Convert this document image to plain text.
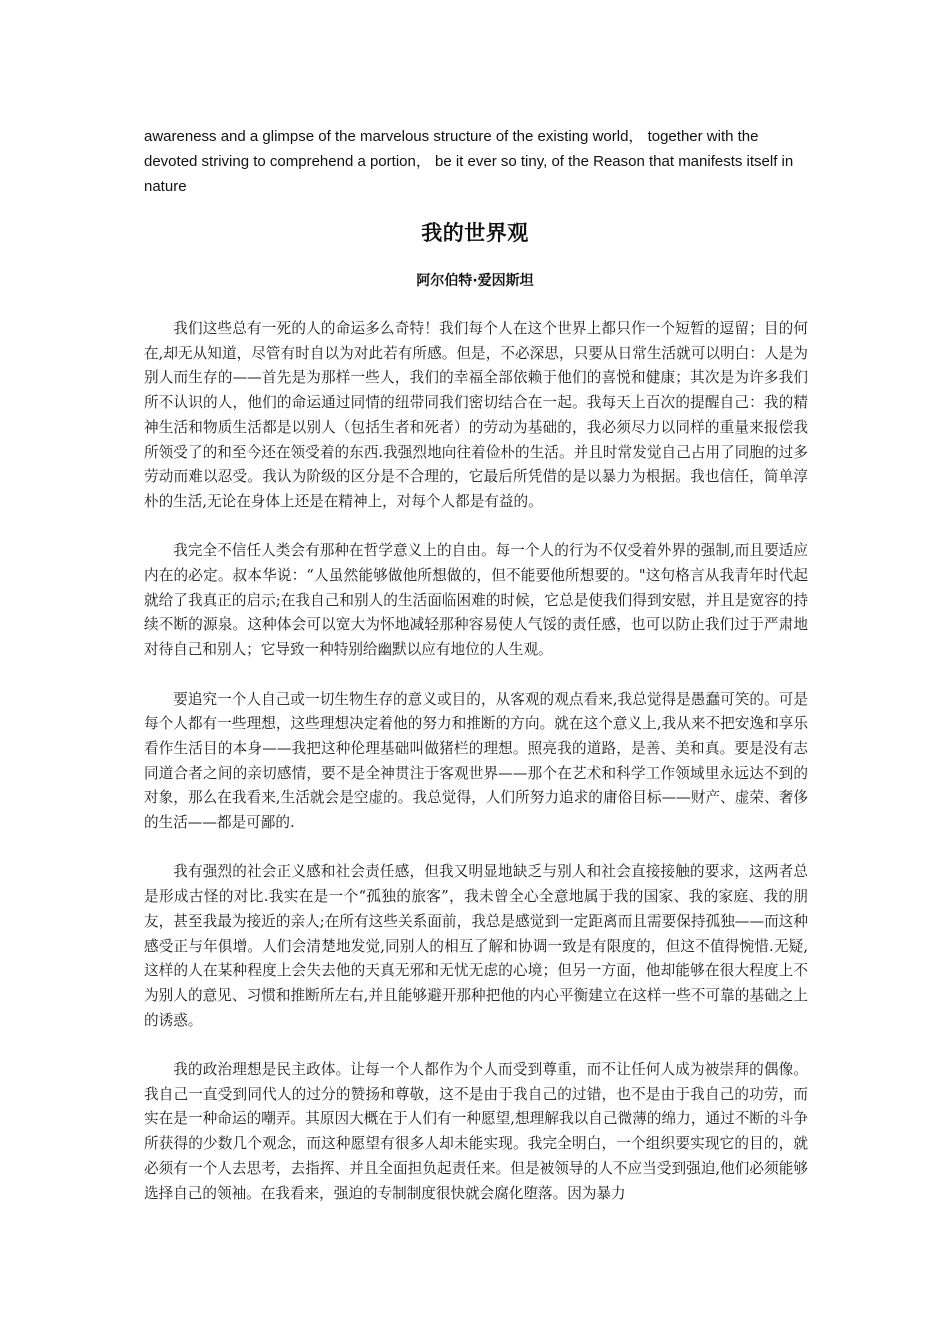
awareness and a glimpse of the marvelous structure of the existing world， together with the devoted striving to comprehend a portion， be it ever so tiny, of the Reason that manifests itself in nature

我的世界观
阿尔伯特·爱因斯坦

我们这些总有一死的人的命运多么奇特！我们每个人在这个世界上都只作一个短暂的逗留；目的何在,却无从知道，尽管有时自以为对此若有所感。但是，不必深思，只要从日常生活就可以明白：人是为别人而生存的——首先是为那样一些人，我们的幸福全部依赖于他们的喜悦和健康；其次是为许多我们所不认识的人，他们的命运通过同情的纽带同我们密切结合在一起。我每天上百次的提醒自己：我的精神生活和物质生活都是以别人（包括生者和死者）的劳动为基础的，我必须尽力以同样的重量来报偿我所领受了的和至今还在领受着的东西.我强烈地向往着俭朴的生活。并且时常发觉自己占用了同胞的过多劳动而难以忍受。我认为阶级的区分是不合理的，它最后所凭借的是以暴力为根据。我也信任，简单淳朴的生活,无论在身体上还是在精神上，对每个人都是有益的。

我完全不信任人类会有那种在哲学意义上的自由。每一个人的行为不仅受着外界的强制,而且要适应内在的必定。叔本华说：“人虽然能够做他所想做的，但不能要他所想要的。"这句格言从我青年时代起就给了我真正的启示;在我自己和别人的生活面临困难的时候，它总是使我们得到安慰，并且是宽容的持续不断的源泉。这种体会可以宽大为怀地减轻那种容易使人气馁的责任感，也可以防止我们过于严肃地对待自己和别人；它导致一种特别给幽默以应有地位的人生观。

要追究一个人自己或一切生物生存的意义或目的，从客观的观点看来,我总觉得是愚蠢可笑的。可是每个人都有一些理想，这些理想决定着他的努力和推断的方向。就在这个意义上,我从来不把安逸和享乐看作生活目的本身——我把这种伦理基础叫做猪栏的理想。照亮我的道路，是善、美和真。要是没有志同道合者之间的亲切感情，要不是全神贯注于客观世界——那个在艺术和科学工作领域里永远达不到的对象，那么在我看来,生活就会是空虚的。我总觉得，人们所努力追求的庸俗目标——财产、虚荣、奢侈的生活——都是可鄙的.

我有强烈的社会正义感和社会责任感，但我又明显地缺乏与别人和社会直接接触的要求，这两者总是形成古怪的对比.我实在是一个“孤独的旅客”，我未曾全心全意地属于我的国家、我的家庭、我的朋友，甚至我最为接近的亲人;在所有这些关系面前，我总是感觉到一定距离而且需要保持孤独——而这种感受正与年俱增。人们会清楚地发觉,同别人的相互了解和协调一致是有限度的，但这不值得惋惜.无疑,这样的人在某种程度上会失去他的天真无邪和无忧无虑的心境；但另一方面，他却能够在很大程度上不为别人的意见、习惯和推断所左右,并且能够避开那种把他的内心平衡建立在这样一些不可靠的基础之上的诱惑。

我的政治理想是民主政体。让每一个人都作为个人而受到尊重，而不让任何人成为被崇拜的偶像。我自己一直受到同代人的过分的赞扬和尊敬，这不是由于我自己的过错，也不是由于我自己的功劳，而实在是一种命运的嘲弄。其原因大概在于人们有一种愿望,想理解我以自己微薄的绵力，通过不断的斗争所获得的少数几个观念，而这种愿望有很多人却未能实现。我完全明白，一个组织要实现它的目的，就必须有一个人去思考，去指挥、并且全面担负起责任来。但是被领导的人不应当受到强迫,他们必须能够选择自己的领袖。在我看来，强迫的专制制度很快就会腐化堕落。因为暴力
